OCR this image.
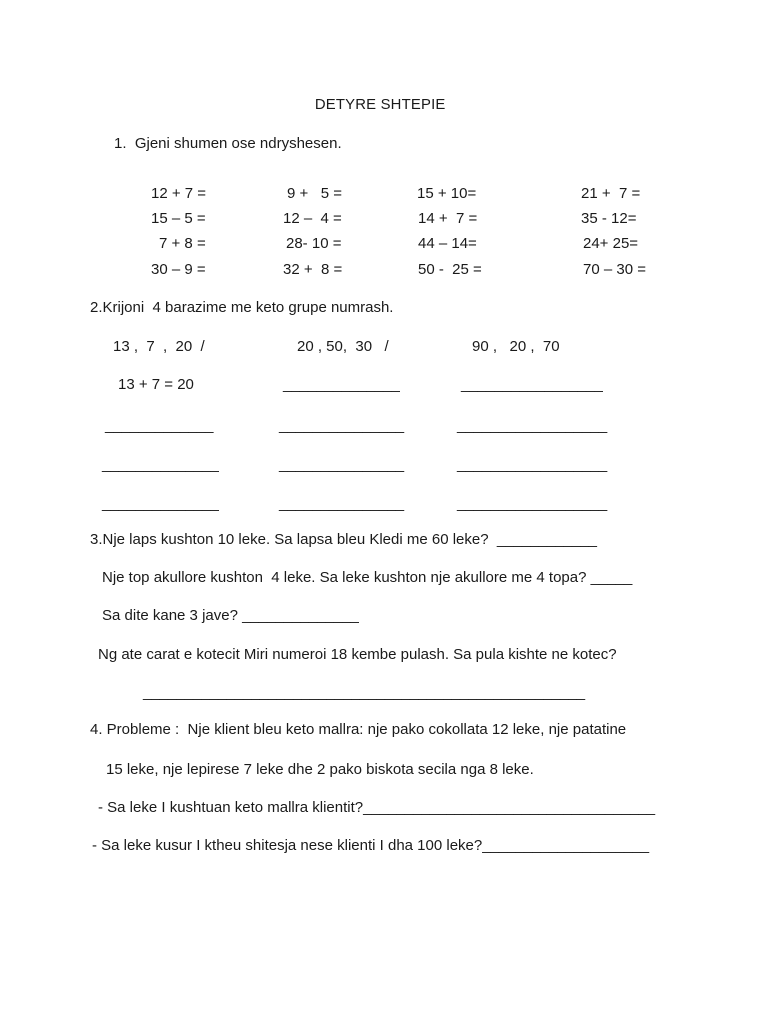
DETYRE SHTEPIE
1.  Gjeni shumen ose ndryshesen.
12 + 7 =	9 +   5 =	15 + 10=	21 +  7 =
15 – 5 =	12 –  4 =	14 +  7 =	35 - 12=
7 + 8 =	28- 10 =	44 – 14=	24+ 25=
30 – 9 =	32 +  8 =	50 -  25 =	70 – 30 =
2.Krijoni  4 barazime me keto grupe numrash.
13 ,  7  ,  20  /	20 , 50,  30   /	90 ,   20 ,  70
13 + 7 = 20	______________	_________________
_____________	_______________	__________________
______________	_______________	__________________
______________	_______________	__________________
3.Nje laps kushton 10 leke. Sa lapsa bleu Kledi me 60 leke?  ____________
Nje top akullore kushton  4 leke. Sa leke kushton nje akullore me 4 topa? _____
Sa dite kane 3 jave? ______________
Ng ate carat e kotecit Miri numeroi 18 kembe pulash. Sa pula kishte ne kotec?
_____________________________________________________
4. Probleme :  Nje klient bleu keto mallra: nje pako cokollata 12 leke, nje patatine
15 leke, nje lepirese 7 leke dhe 2 pako biskota secila nga 8 leke.
- Sa leke I kushtuan keto mallra klientit?___________________________________
- Sa leke kusur I ktheu shitesja nese klienti I dha 100 leke?____________________
